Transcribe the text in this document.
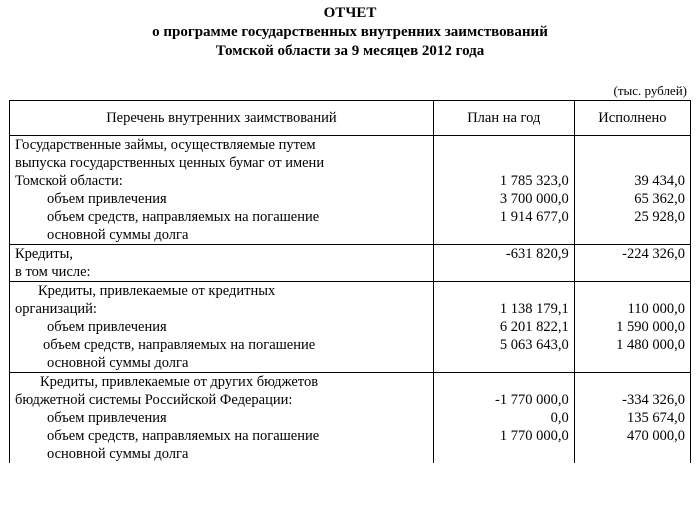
ОТЧЕТ
о программе государственных внутренних заимствований
Томской области за 9 месяцев 2012 года
(тыс. рублей)
Перечень внутренних заимствований	План на год	Исполнено
Государственные займы, осуществляемые путем		
выпуска государственных ценных бумаг от имени		
Томской области:	1 785 323,0	39 434,0
объем привлечения	3 700 000,0	65 362,0
объем средств, направляемых на погашение	1 914 677,0	25 928,0
основной суммы долга		
Кредиты,	-631 820,9	-224 326,0
в том числе:		
Кредиты, привлекаемые от кредитных		
организаций:	1 138 179,1	110 000,0
объем привлечения	6 201 822,1	1 590 000,0
объем средств, направляемых на погашение	5 063 643,0	1 480 000,0
основной суммы долга		
Кредиты, привлекаемые от других бюджетов		
бюджетной системы Российской Федерации:	-1 770 000,0	-334 326,0
объем привлечения	0,0	135 674,0
объем средств, направляемых на погашение	1 770 000,0	470 000,0
основной суммы долга		
